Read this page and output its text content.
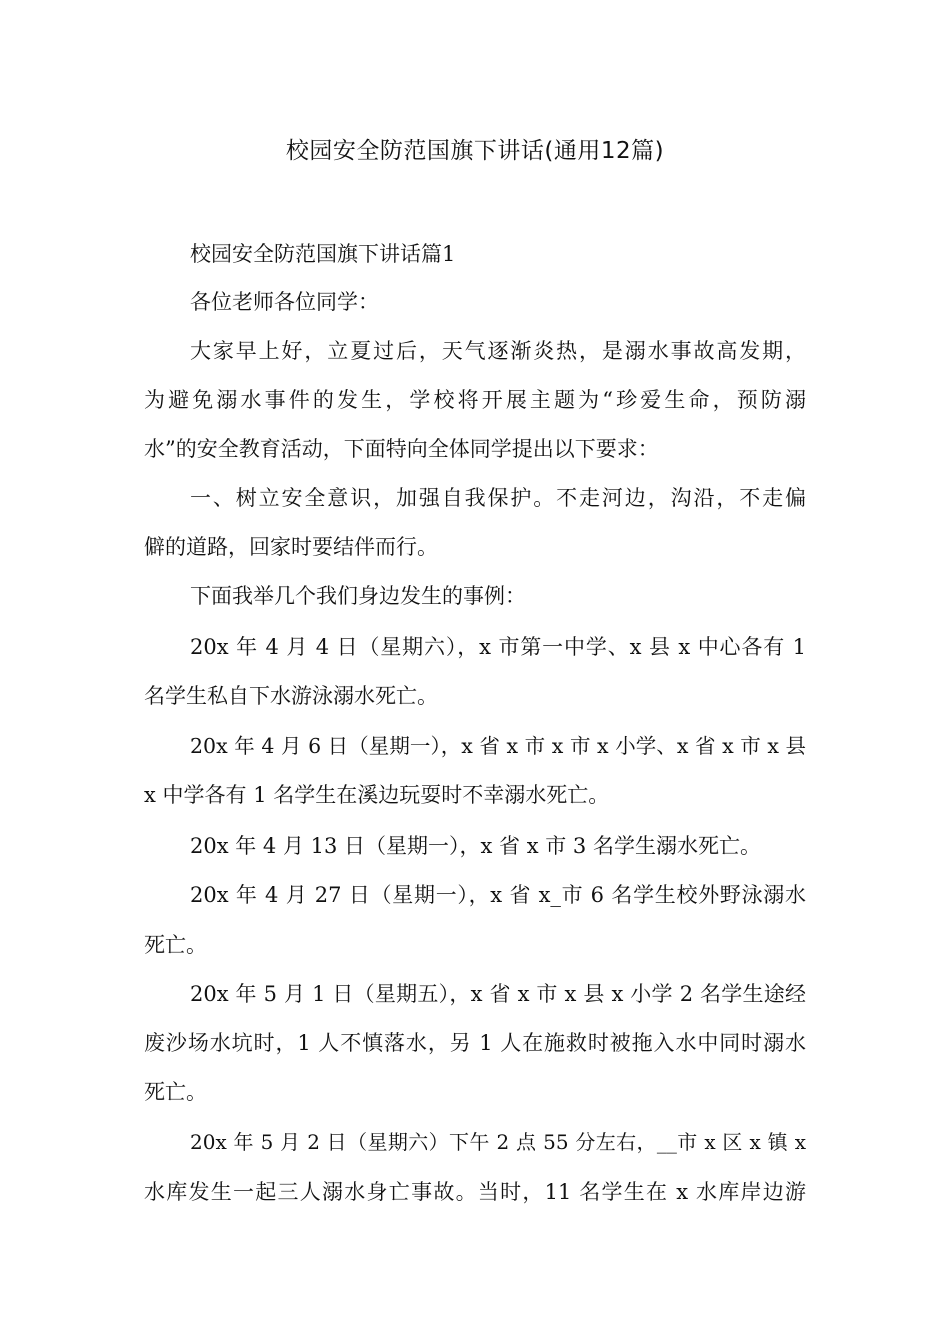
校园安全防范国旗下讲话(通用12篇)
校园安全防范国旗下讲话篇1
各位老师各位同学：
大家早上好，立夏过后，天气逐渐炎热，是溺水事故高发期，
为避免溺水事件的发生，学校将开展主题为“珍爱生命，预防溺
水”的安全教育活动，下面特向全体同学提出以下要求：
一、树立安全意识，加强自我保护。不走河边，沟沿，不走偏
僻的道路，回家时要结伴而行。
下面我举几个我们身边发生的事例：
20x 年 4 月 4 日（星期六），x 市第一中学、x 县 x 中心各有 1
名学生私自下水游泳溺水死亡。
20x 年 4 月 6 日（星期一），x 省 x 市 x 市 x 小学、x 省 x 市 x 县
x 中学各有 1 名学生在溪边玩耍时不幸溺水死亡。
20x 年 4 月 13 日（星期一），x 省 x 市 3 名学生溺水死亡。
20x 年 4 月 27 日（星期一），x 省 x_市 6 名学生校外野泳溺水
死亡。
20x 年 5 月 1 日（星期五），x 省 x 市 x 县 x 小学 2 名学生途经
废沙场水坑时，1 人不慎落水，另 1 人在施救时被拖入水中同时溺水
死亡。
20x 年 5 月 2 日（星期六）下午 2 点 55 分左右，__市 x 区 x 镇 x
水库发生一起三人溺水身亡事故。当时，11 名学生在 x 水库岸边游
